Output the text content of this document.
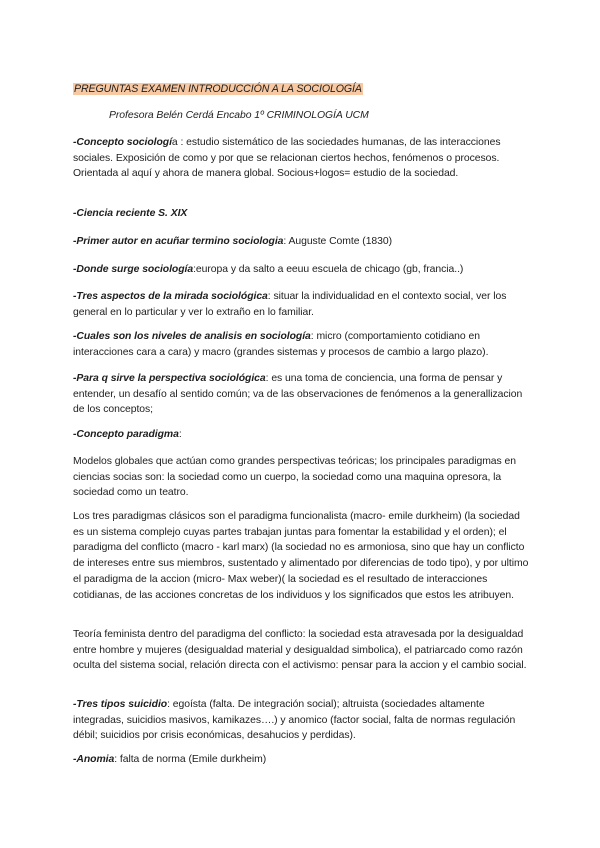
PREGUNTAS EXAMEN INTRODUCCIÓN A LA SOCIOLOGÍA
Profesora Belén Cerdá Encabo 1º CRIMINOLOGÍA UCM
-Concepto sociología : estudio sistemático de las sociedades humanas, de las interacciones sociales. Exposición de como y por que se relacionan ciertos hechos, fenómenos o procesos. Orientada al aquí y ahora de manera global. Socious+logos= estudio de la sociedad.
-Ciencia reciente S. XIX
-Primer autor en acuñar termino sociologia: Auguste Comte (1830)
-Donde surge sociología:europa y da salto a eeuu escuela de chicago (gb, francia..)
-Tres aspectos de la mirada sociológica: situar la individualidad en el contexto social, ver los general en lo particular y ver lo extraño en lo familiar.
-Cuales son los niveles de analisis en sociología: micro (comportamiento cotidiano en interacciones cara a cara) y macro (grandes sistemas y procesos de cambio a largo plazo).
-Para q sirve la perspectiva sociológica: es una toma de conciencia, una forma de pensar y entender, un desafío al sentido común; va de las observaciones de fenómenos a la generallizacion de los conceptos;
-Concepto paradigma:
Modelos globales que actúan como grandes perspectivas teóricas; los principales paradigmas en ciencias socias son: la sociedad como un cuerpo, la sociedad como una maquina opresora, la sociedad como un teatro.
Los tres paradigmas clásicos son el paradigma funcionalista (macro- emile durkheim) (la sociedad es un sistema complejo cuyas partes trabajan juntas para fomentar la estabilidad y el orden); el paradigma del conflicto (macro - karl marx) (la sociedad no es armoniosa, sino que hay un conflicto de intereses entre sus miembros, sustentado y alimentado por diferencias de todo tipo), y por ultimo el paradigma de la accion (micro- Max weber)( la sociedad es el resultado de interacciones cotidianas, de las acciones concretas de los individuos y los significados que estos les atribuyen.
Teoría feminista dentro del paradigma del conflicto: la sociedad esta atravesada por la desigualdad entre hombre y mujeres (desigualdad material y desigualdad simbolica), el patriarcado como razón oculta del sistema social, relación directa con el activismo: pensar para la accion y el cambio social.
-Tres tipos suicidio: egoísta (falta. De integración social); altruista (sociedades altamente integradas, suicidios masivos, kamikazes….) y anomico (factor social, falta de normas regulación débil; suicidios por crisis económicas, desahucios y perdidas).
-Anomia: falta de norma (Emile durkheim)
